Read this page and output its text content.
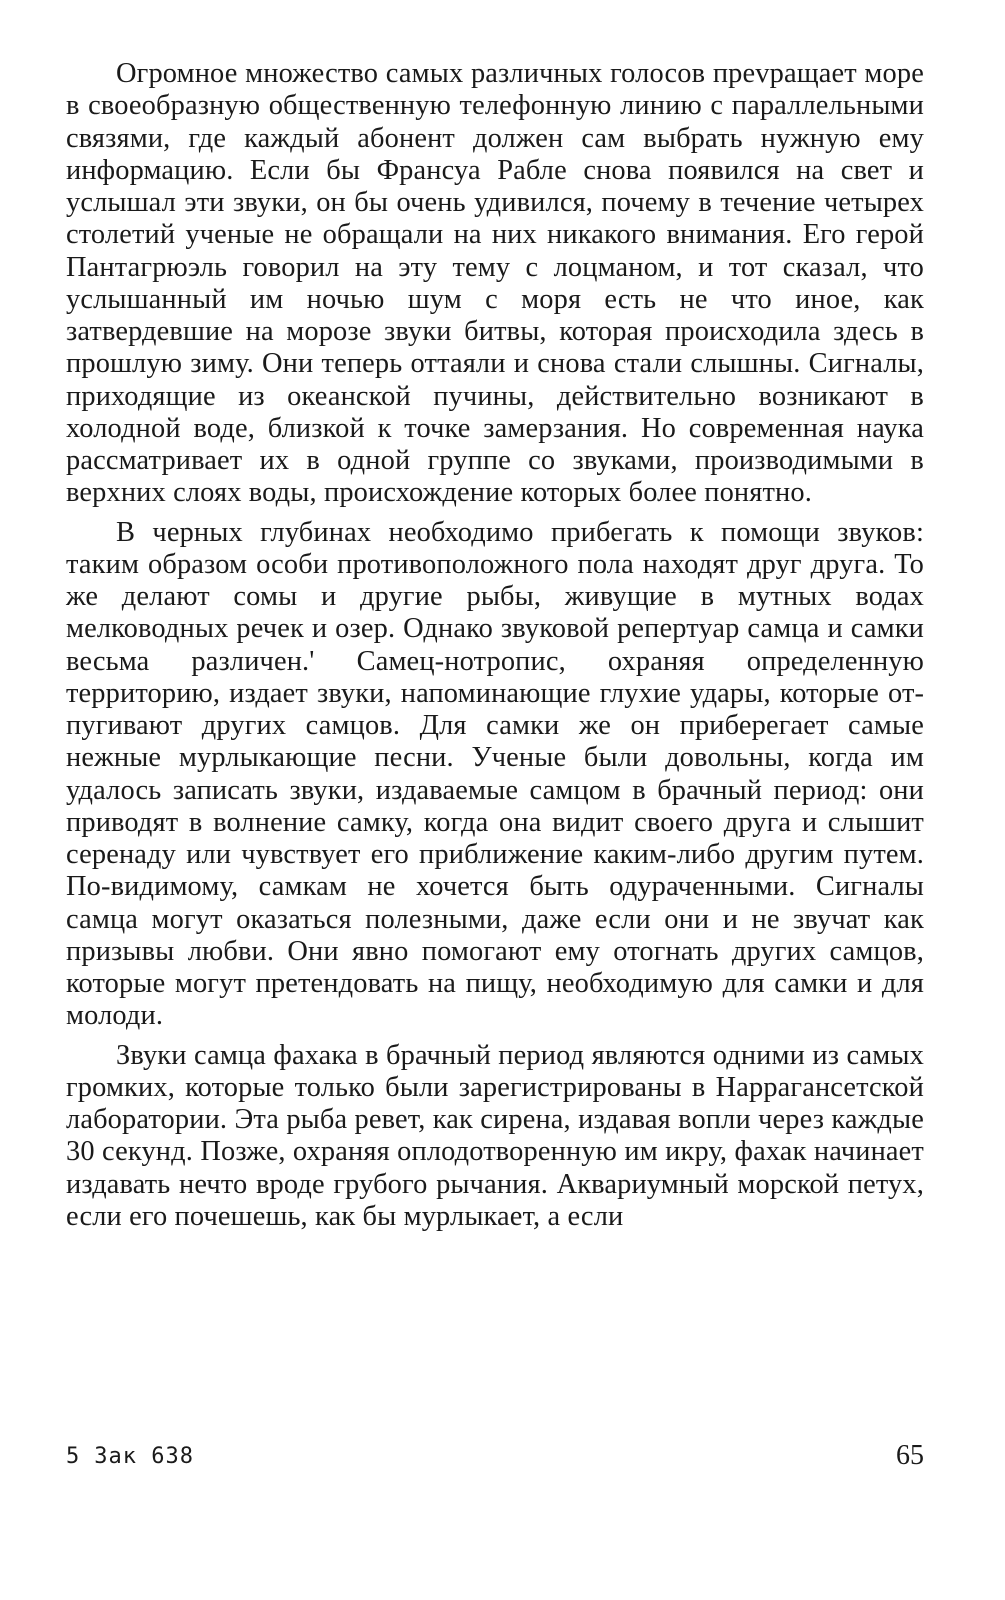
Огромное множество самых различных голосов преvращает море в своеобразную общественную телефонную линию с параллельными связями, где каждый абонент должен сам выбрать нужную ему информацию. Если бы Франсуа Рабле снова появился на свет и услышал эти звуки, он бы очень удивился, почему в течение четырех столетий ученые не обращали на них никакого внимания. Его герой Пантагрюэль говорил на эту тему с лоцманом, и тот сказал, что услышанный им ночью шум с моря есть не что иное, как затвердевшие на морозе звуки битвы, которая происходила здесь в прошлую зиму. Они теперь оттаяли и снова стали слышны. Сигналы, приходящие из океанской пучины, действительно возникают в холодной воде, близкой к точке замерзания. Но современная наука рассматривает их в одной группе со звуками, производимыми в верхних слоях воды, происхождение которых более понятно.

В черных глубинах необходимо прибегать к помощи звуков: таким образом особи противоположного пола находят друг друга. То же делают сомы и другие рыбы, живущие в мутных водах мелководных речек и озер. Однако звуковой репертуар самца и самки весьма различен.' Самец-нотропис, охраняя определенную территорию, издает звуки, напоминающие глухие удары, которые отпугивают других самцов. Для самки же он приберегает самые нежные мурлыкающие песни. Ученые были довольны, когда им удалось записать звуки, издаваемые самцом в брачный период: они приводят в волнение самку, когда она видит своего друга и слышит серенаду или чувствует его приближение каким-либо другим путем. По-видимому, самкам не хочется быть одураченными. Сигналы самца могут оказаться полезными, даже если они и не звучат как призывы любви. Они явно помогают ему отогнать других самцов, которые могут претендовать на пищу, необходимую для самки и для молоди.

Звуки самца фахака в брачный период являются одними из самых громких, которые только были зарегистрированы в Наррагансетской лаборатории. Эта рыба ревет, как сирена, издавая вопли через каждые 30 секунд. Позже, охраняя оплодотворенную им икру, фахак начинает издавать нечто вроде грубого рычания. Аквариумный морской петух, если его почешешь, как бы мурлыкает, а если

5 Зак 638	65
